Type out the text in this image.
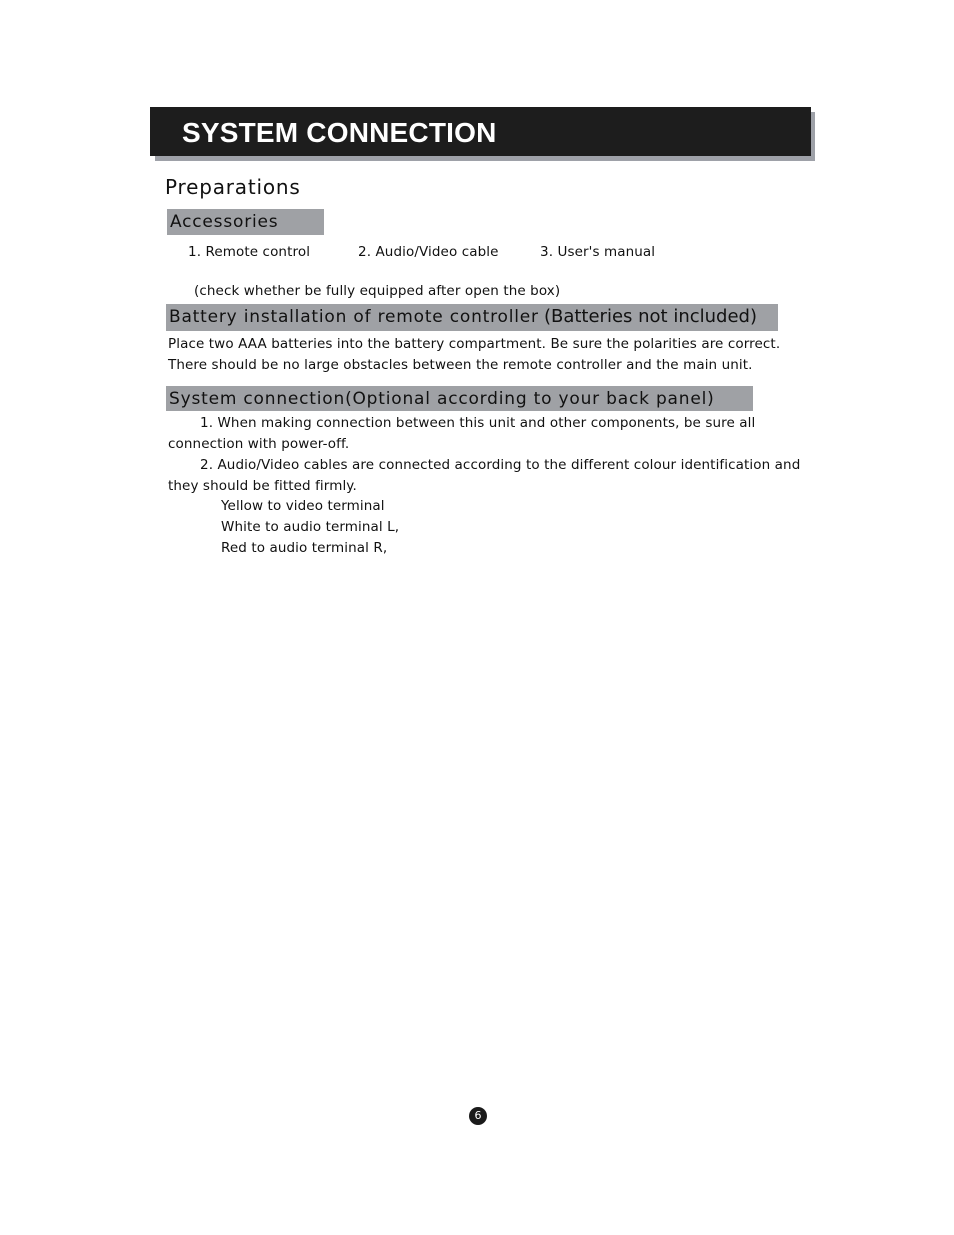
SYSTEM CONNECTION
Preparations
Accessories
1. Remote control	2. Audio/Video cable	3. User's manual
(check whether be fully equipped after open the box)
Battery installation of remote controller (Batteries not included)
Place two AAA batteries into the battery compartment. Be sure the polarities are correct.
There should be no large obstacles between the remote controller and the main unit.
System connection(Optional according to your back panel)
1. When making connection between this unit and other components, be sure all
connection with power-off.
2. Audio/Video cables are connected according to the different colour identification and
they should be fitted firmly.
Yellow to video terminal
White to audio terminal L,
Red to audio terminal R,
6
